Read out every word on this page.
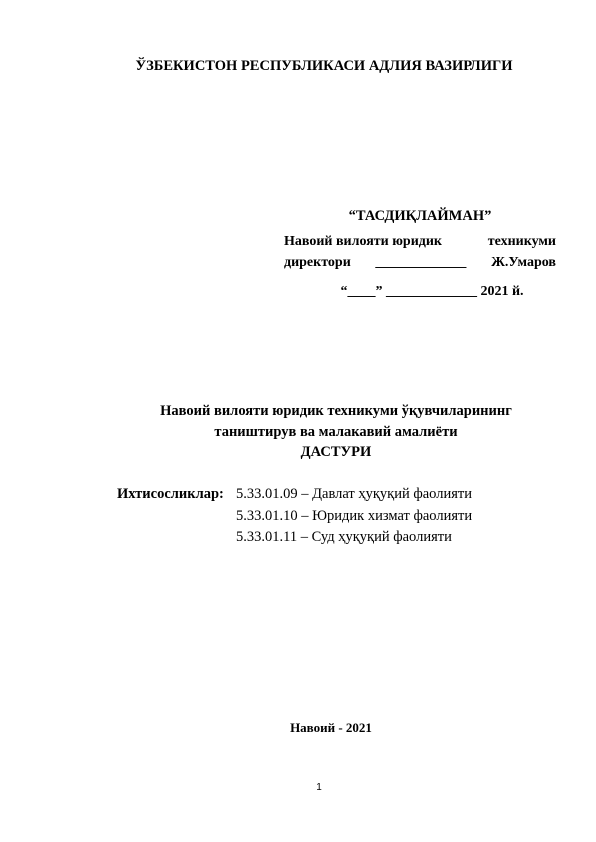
ЎЗБЕКИСТОН РЕСПУБЛИКАСИ АДЛИЯ ВАЗИРЛИГИ
“ТАСДИҚЛАЙМАН”
Навоий вилояти юридик	техникуми
директори _____________ Ж.Умаров
“____” _____________ 2021 й.
Навоий вилояти юридик техникуми ўқувчиларининг
таништирув ва малакавий амалиёти
ДАСТУРИ
Ихтисосликлар: 5.33.01.09 – Давлат ҳуқуқий фаолияти
5.33.01.10 – Юридик хизмат фаолияти
5.33.01.11 – Суд ҳуқуқий фаолияти
Навоий - 2021
1
